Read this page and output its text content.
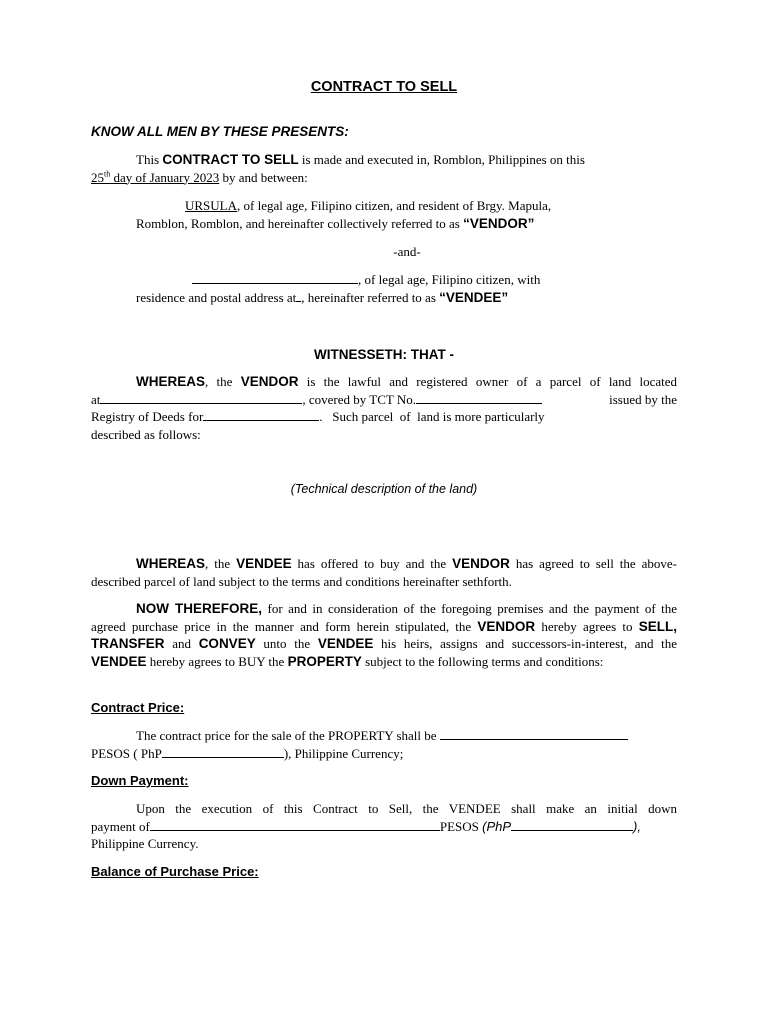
CONTRACT TO SELL

KNOW ALL MEN BY THESE PRESENTS:

This CONTRACT TO SELL is made and executed in, Romblon, Philippines on this
25th day of January 2023 by and between:

URSULA, of legal age, Filipino citizen, and resident of Brgy. Mapula,
Romblon, Romblon, and hereinafter collectively referred to as “VENDOR”

-and-

, of legal age, Filipino citizen, with
residence and postal address at , hereinafter referred to as “VENDEE”

WITNESSETH: THAT -
WHEREAS, the VENDOR is the lawful and registered owner of a parcel of land located
at	, covered by TCT No.	issued by the
Registry of Deeds for	.   Such parcel  of  land is more particularly
described as follows:
(Technical description of the land)

WHEREAS, the VENDEE has offered to buy and the VENDOR has agreed to sell the above-described parcel of land subject to the terms and conditions hereinafter sethforth.

NOW THEREFORE, for and in consideration of the foregoing premises and the payment of the agreed purchase price in the manner and form herein stipulated, the VENDOR hereby agrees to SELL, TRANSFER and CONVEY unto the VENDEE his heirs, assigns and successors-in-interest, and the VENDEE hereby agrees to BUY the PROPERTY subject to the following terms and conditions:

Contract Price:
The contract price for the sale of the PROPERTY shall be
PESOS ( PhP	), Philippine Currency;
Down Payment:
Upon the execution of this Contract to Sell, the VENDEE shall make an initial down
payment of	PESOS (PhP	),
Philippine Currency.
Balance of Purchase Price:
